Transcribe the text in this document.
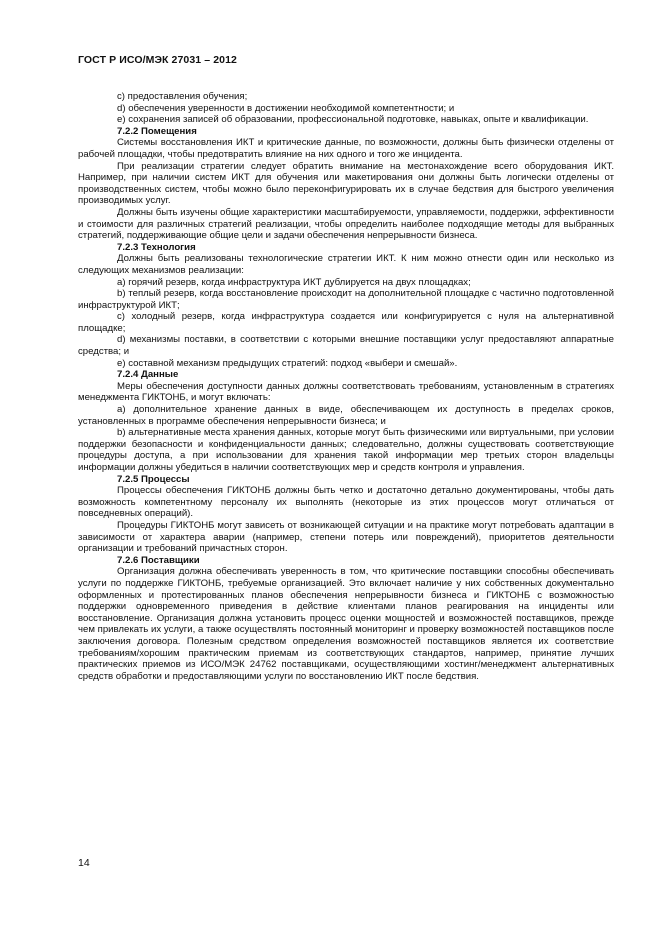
ГОСТ Р ИСО/МЭК 27031 – 2012

c) предоставления обучения;

d) обеспечения уверенности в достижении необходимой компетентности; и

e) сохранения записей об образовании, профессиональной подготовке, навыках, опыте и квалификации.

7.2.2 Помещения

Системы восстановления ИКТ и критические данные, по возможности, должны быть физически отделены от рабочей площадки, чтобы предотвратить влияние на них одного и того же инцидента.

При реализации стратегии следует обратить внимание на местонахождение всего оборудования ИКТ. Например, при наличии систем ИКТ для обучения или макетирования они должны быть логически отделены от производственных систем, чтобы можно было переконфигурировать их в случае бедствия для быстрого увеличения производимых услуг.

Должны быть изучены общие характеристики масштабируемости, управляемости, поддержки, эффективности и стоимости для различных стратегий реализации, чтобы определить наиболее подходящие методы для выбранных стратегий, поддерживающие общие цели и задачи обеспечения непрерывности бизнеса.

7.2.3 Технология

Должны быть реализованы технологические стратегии ИКТ. К ним можно отнести один или несколько из следующих механизмов реализации:

a) горячий резерв, когда инфраструктура ИКТ дублируется на двух площадках;

b) теплый резерв, когда восстановление происходит на дополнительной площадке с частично подготовленной инфраструктурой ИКТ;

c) холодный резерв, когда инфраструктура создается или конфигурируется с нуля на альтернативной площадке;

d) механизмы поставки, в соответствии с которыми внешние поставщики услуг предоставляют аппаратные средства; и

e) составной механизм предыдущих стратегий: подход «выбери и смешай».

7.2.4 Данные

Меры обеспечения доступности данных должны соответствовать требованиям, установленным в стратегиях менеджмента ГИКТОНБ, и могут включать:

a) дополнительное хранение данных в виде, обеспечивающем их доступность в пределах сроков, установленных в программе обеспечения непрерывности бизнеса; и

b) альтернативные места хранения данных, которые могут быть физическими или виртуальными, при условии поддержки безопасности и конфиденциальности данных; следовательно, должны существовать соответствующие процедуры доступа, а при использовании для хранения такой информации мер третьих сторон владельцы информации должны убедиться в наличии соответствующих мер и средств контроля и управления.

7.2.5 Процессы

Процессы обеспечения ГИКТОНБ должны быть четко и достаточно детально документированы, чтобы дать возможность компетентному персоналу их выполнять (некоторые из этих процессов могут отличаться от повседневных операций).

Процедуры ГИКТОНБ могут зависеть от возникающей ситуации и на практике могут потребовать адаптации в зависимости от характера аварии (например, степени потерь или повреждений), приоритетов деятельности организации и требований причастных сторон.

7.2.6 Поставщики

Организация должна обеспечивать уверенность в том, что критические поставщики способны обеспечивать услуги по поддержке ГИКТОНБ, требуемые организацией. Это включает наличие у них собственных документально оформленных и протестированных планов обеспечения непрерывности бизнеса и ГИКТОНБ с возможностью поддержки одновременного приведения в действие клиентами планов реагирования на инциденты или восстановление. Организация должна установить процесс оценки мощностей и возможностей поставщиков, прежде чем привлекать их услуги, а также осуществлять постоянный мониторинг и проверку возможностей поставщиков после заключения договора. Полезным средством определения возможностей поставщиков является их соответствие требованиям/хорошим практическим приемам из соответствующих стандартов, например, принятие лучших практических приемов из ИСО/МЭК 24762 поставщиками, осуществляющими хостинг/менеджмент альтернативных средств обработки и предоставляющими услуги по восстановлению ИКТ после бедствия.

14
